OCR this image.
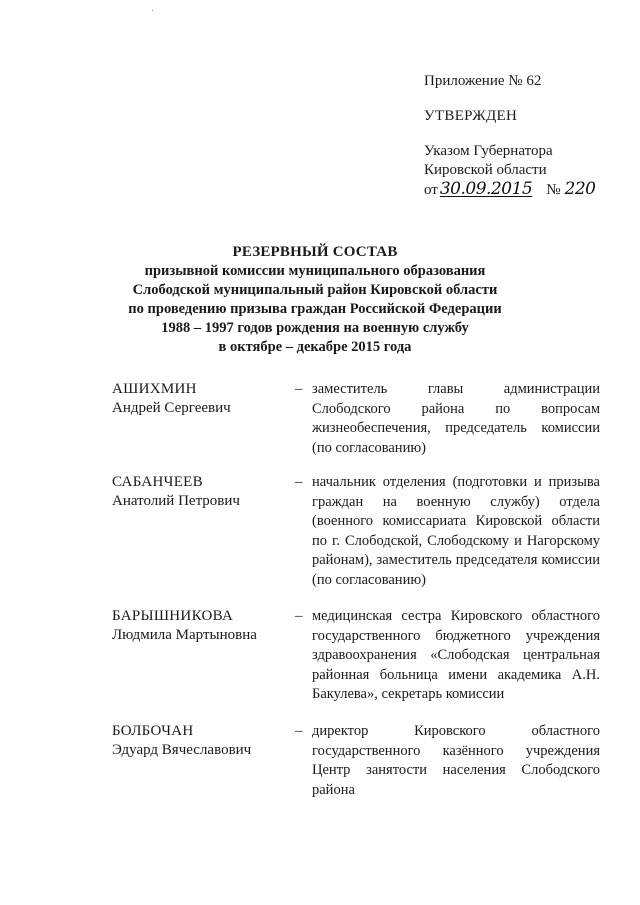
Приложение № 62
УТВЕРЖДЕН
Указом Губернатора
Кировской области
от 30.09.2015 № 220
РЕЗЕРВНЫЙ СОСТАВ
призывной комиссии муниципального образования
Слободской муниципальный район Кировской области
по проведению призыва граждан Российской Федерации
1988 – 1997 годов рождения на военную службу
в октябре – декабре 2015 года
АШИХМИН
Андрей Сергеевич
– заместитель главы администрации Слободского района по вопросам жизнеобеспечения, председатель комиссии (по согласованию)
САБАНЧЕЕВ
Анатолий Петрович
– начальник отделения (подготовки и призыва граждан на военную службу) отдела (военного комиссариата Кировской области по г. Слободской, Слободскому и Нагорскому районам), заместитель председателя комиссии (по согласованию)
БАРЫШНИКОВА
Людмила Мартыновна
– медицинская сестра Кировского областного государственного бюджетного учреждения здравоохранения «Слободская центральная районная больница имени академика А.Н. Бакулева», секретарь комиссии
БОЛБОЧАН
Эдуард Вячеславович
– директор Кировского областного государственного казённого учреждения Центр занятости населения Слободского района
